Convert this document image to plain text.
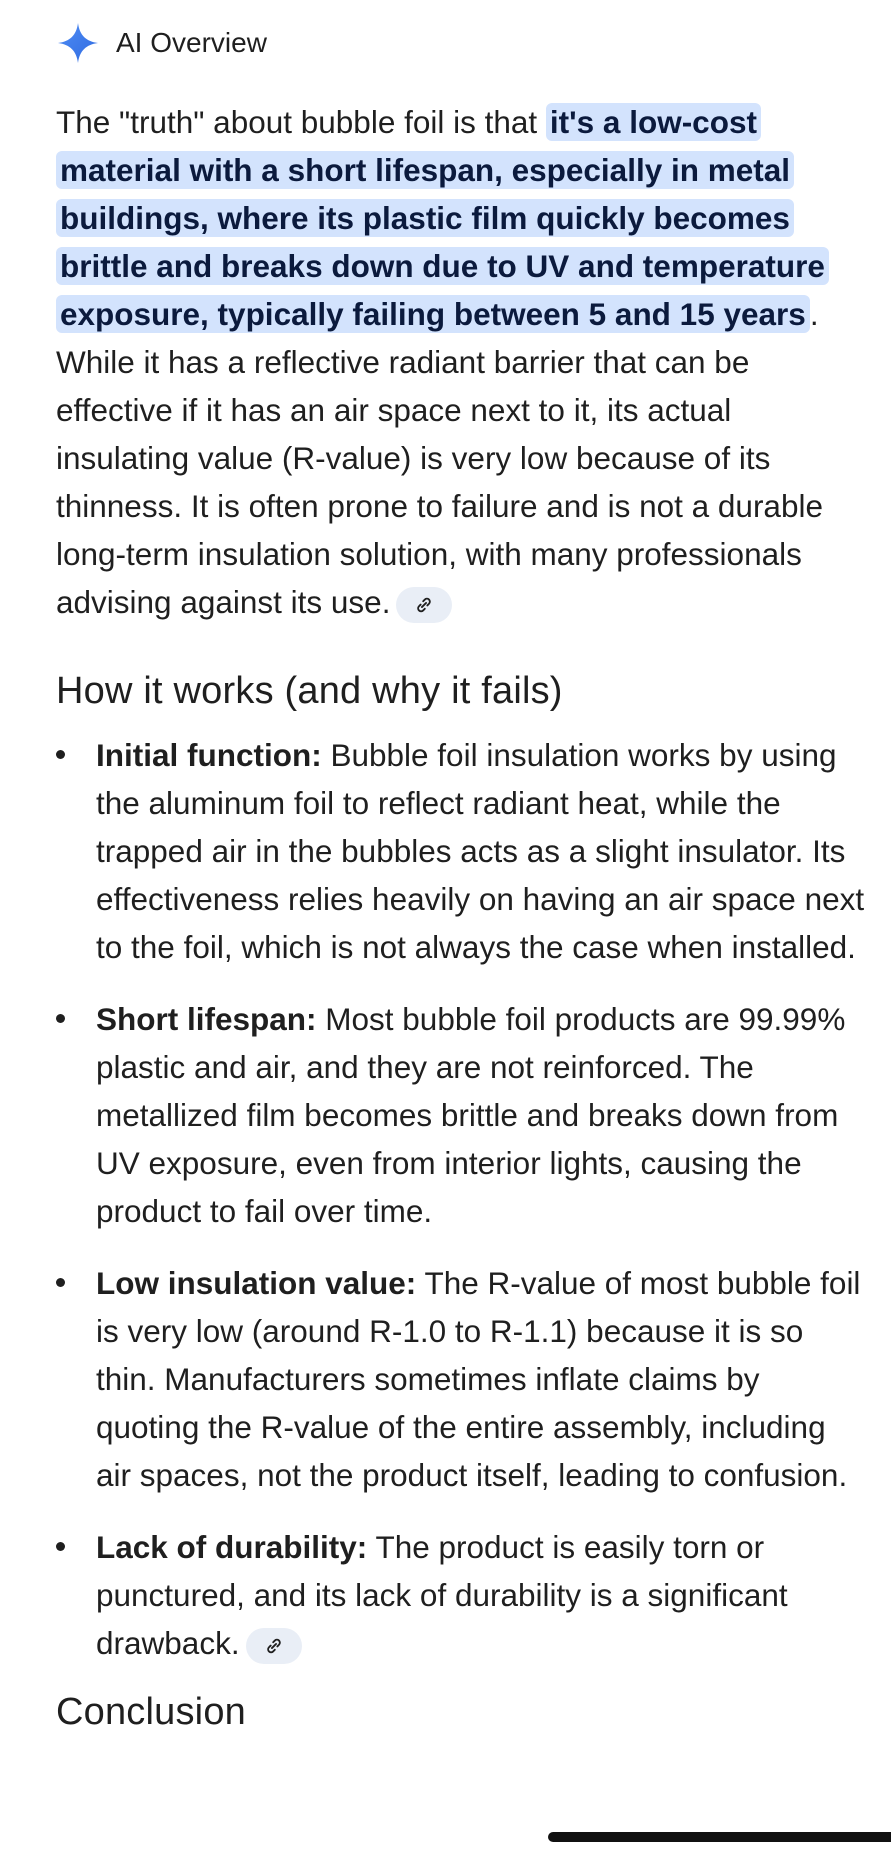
AI Overview

The "truth" about bubble foil is that it's a low-cost material with a short lifespan, especially in metal buildings, where its plastic film quickly becomes brittle and breaks down due to UV and temperature exposure, typically failing between 5 and 15 years . While it has a reflective radiant barrier that can be effective if it has an air space next to it, its actual insulating value (R-value) is very low because of its thinness. It is often prone to failure and is not a durable long-term insulation solution, with many professionals advising against its use.

How it works (and why it fails)
Initial function: Bubble foil insulation works by using the aluminum foil to reflect radiant heat, while the trapped air in the bubbles acts as a slight insulator. Its effectiveness relies heavily on having an air space next to the foil, which is not always the case when installed.
Short lifespan: Most bubble foil products are 99.99% plastic and air, and they are not reinforced. The metallized film becomes brittle and breaks down from UV exposure, even from interior lights, causing the product to fail over time.
Low insulation value: The R-value of most bubble foil is very low (around R-1.0 to R-1.1) because it is so thin. Manufacturers sometimes inflate claims by quoting the R-value of the entire assembly, including air spaces, not the product itself, leading to confusion.
Lack of durability: The product is easily torn or punctured, and its lack of durability is a significant drawback.
Conclusion
